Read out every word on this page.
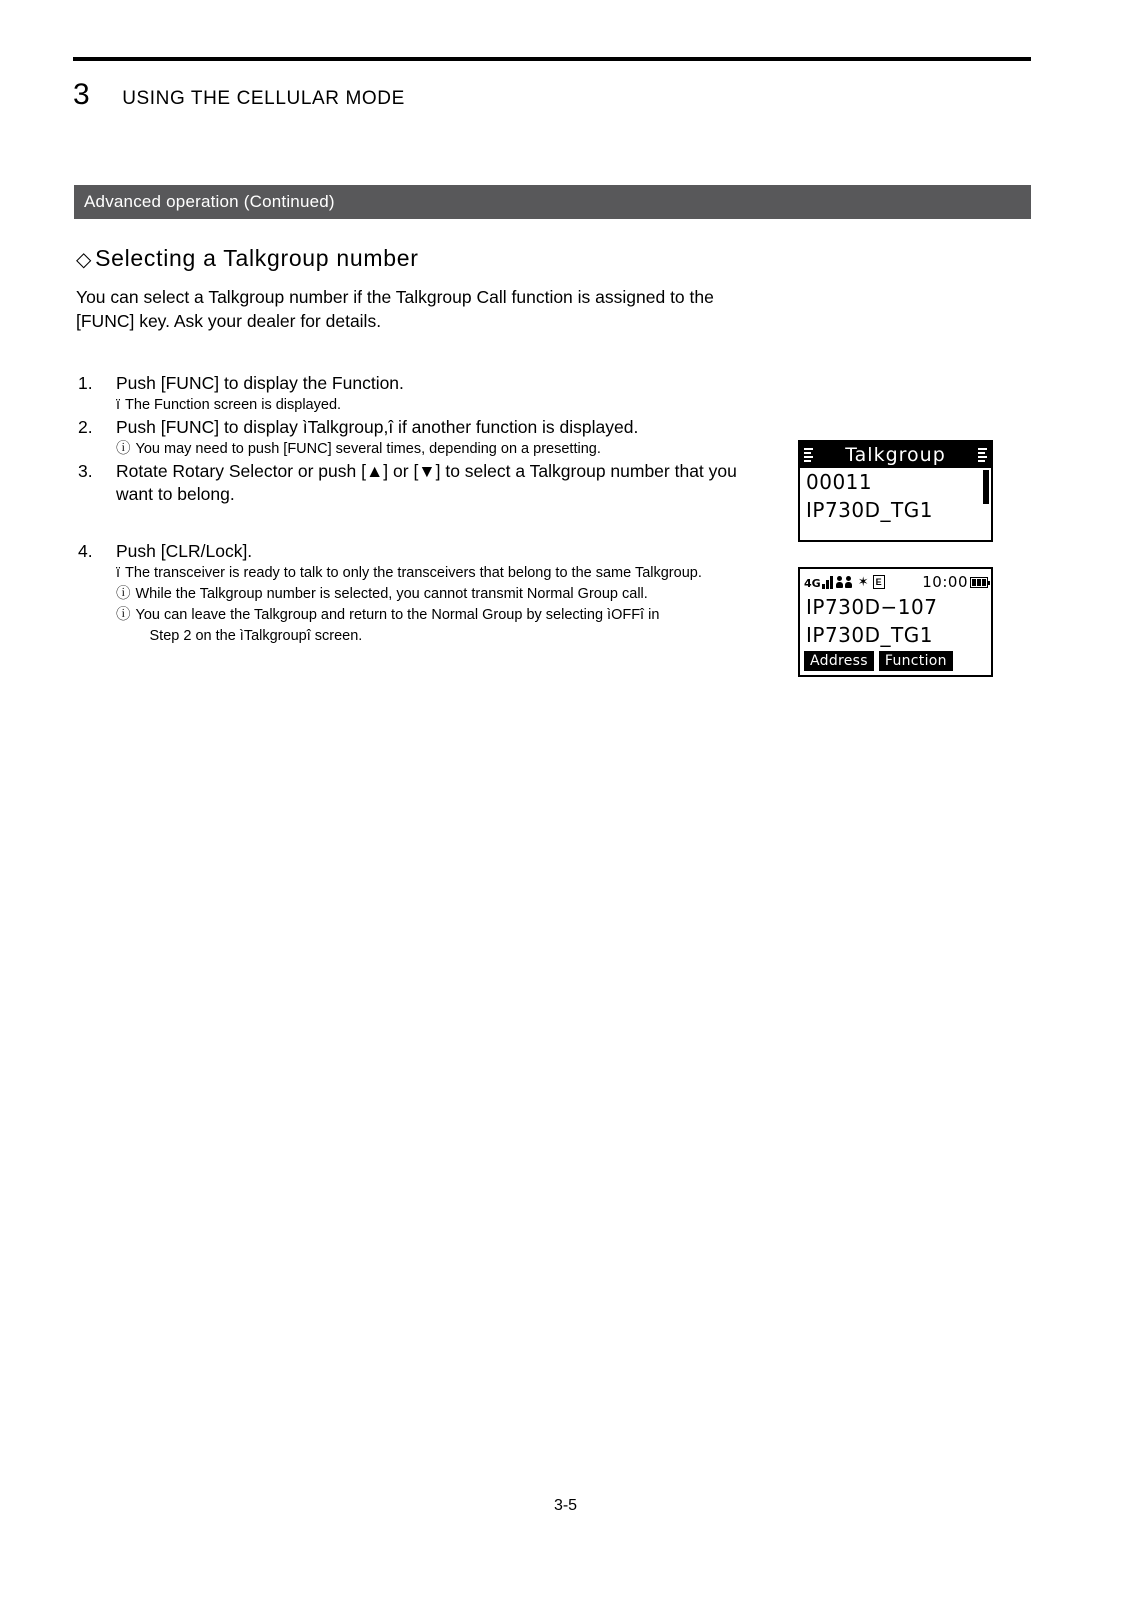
3 USING THE CELLULAR MODE
Advanced operation (Continued)
◇ Selecting a Talkgroup number
You can select a Talkgroup number if the Talkgroup Call function is assigned to the [FUNC] key. Ask your dealer for details.
1.	Push [FUNC] to display the Function.
ï The Function screen is displayed.
2.	Push [FUNC] to display ìTalkgroup,î if another function is displayed.
ⓘ You may need to push [FUNC] several times, depending on a presetting.
3.	Rotate Rotary Selector or push [▲] or [▼] to select a Talkgroup number that you want to belong.
4.	Push [CLR/Lock].
ï The transceiver is ready to talk to only the transceivers that belong to the same Talkgroup.
ⓘ While the Talkgroup number is selected, you cannot transmit Normal Group call.
ⓘ You can leave the Talkgroup and return to the Normal Group by selecting ìOFFî in
Step 2 on the ìTalkgroupî screen.
Talkgroup
00011
IP730D_TG1
4G	✶ E	10:00
IP730D−107
IP730D_TG1
Address	Function
3-5
